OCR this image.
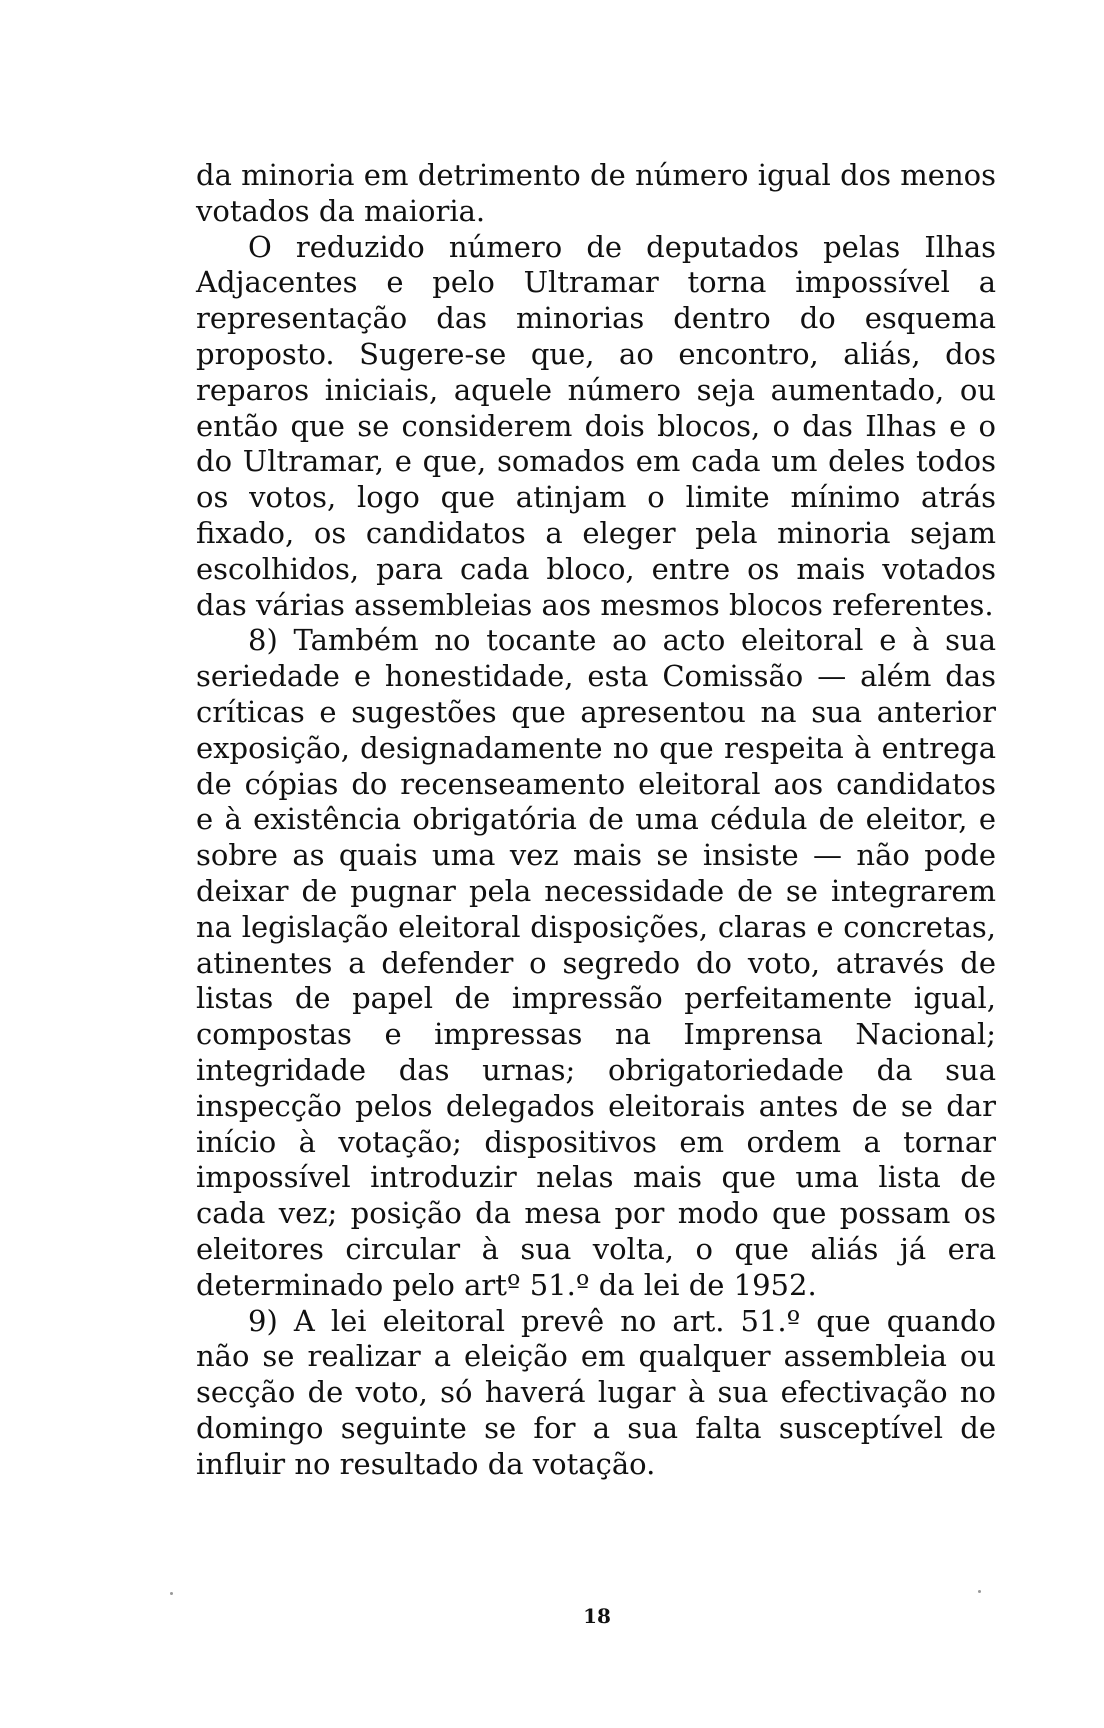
da minoria em detrimento de número igual dos menos votados da maioria.

O reduzido número de deputados pelas Ilhas Adjacentes e pelo Ultramar torna impossível a representação das minorias dentro do esquema proposto. Sugere-se que, ao encontro, aliás, dos reparos iniciais, aquele número seja aumentado, ou então que se considerem dois blocos, o das Ilhas e o do Ultramar, e que, somados em cada um deles todos os votos, logo que atinjam o limite mínimo atrás fixado, os candidatos a eleger pela minoria sejam escolhidos, para cada bloco, entre os mais votados das várias assembleias aos mesmos blocos referentes.

8) Também no tocante ao acto eleitoral e à sua seriedade e honestidade, esta Comissão — além das críticas e sugestões que apresentou na sua anterior exposição, designadamente no que respeita à entrega de cópias do recenseamento eleitoral aos candidatos e à existência obrigatória de uma cédula de eleitor, e sobre as quais uma vez mais se insiste — não pode deixar de pugnar pela necessidade de se integrarem na legislação eleitoral disposições, claras e concretas, atinentes a defender o segredo do voto, através de listas de papel de impressão perfeitamente igual, compostas e impressas na Imprensa Nacional; integridade das urnas; obrigatoriedade da sua inspecção pelos delegados eleitorais antes de se dar início à votação; dispositivos em ordem a tornar impossível introduzir nelas mais que uma lista de cada vez; posição da mesa por modo que possam os eleitores circular à sua volta, o que aliás já era determinado pelo artº 51.º da lei de 1952.

9) A lei eleitoral prevê no art. 51.º que quando não se realizar a eleição em qualquer assembleia ou secção de voto, só haverá lugar à sua efectivação no domingo seguinte se for a sua falta susceptível de influir no resultado da votação.

18
